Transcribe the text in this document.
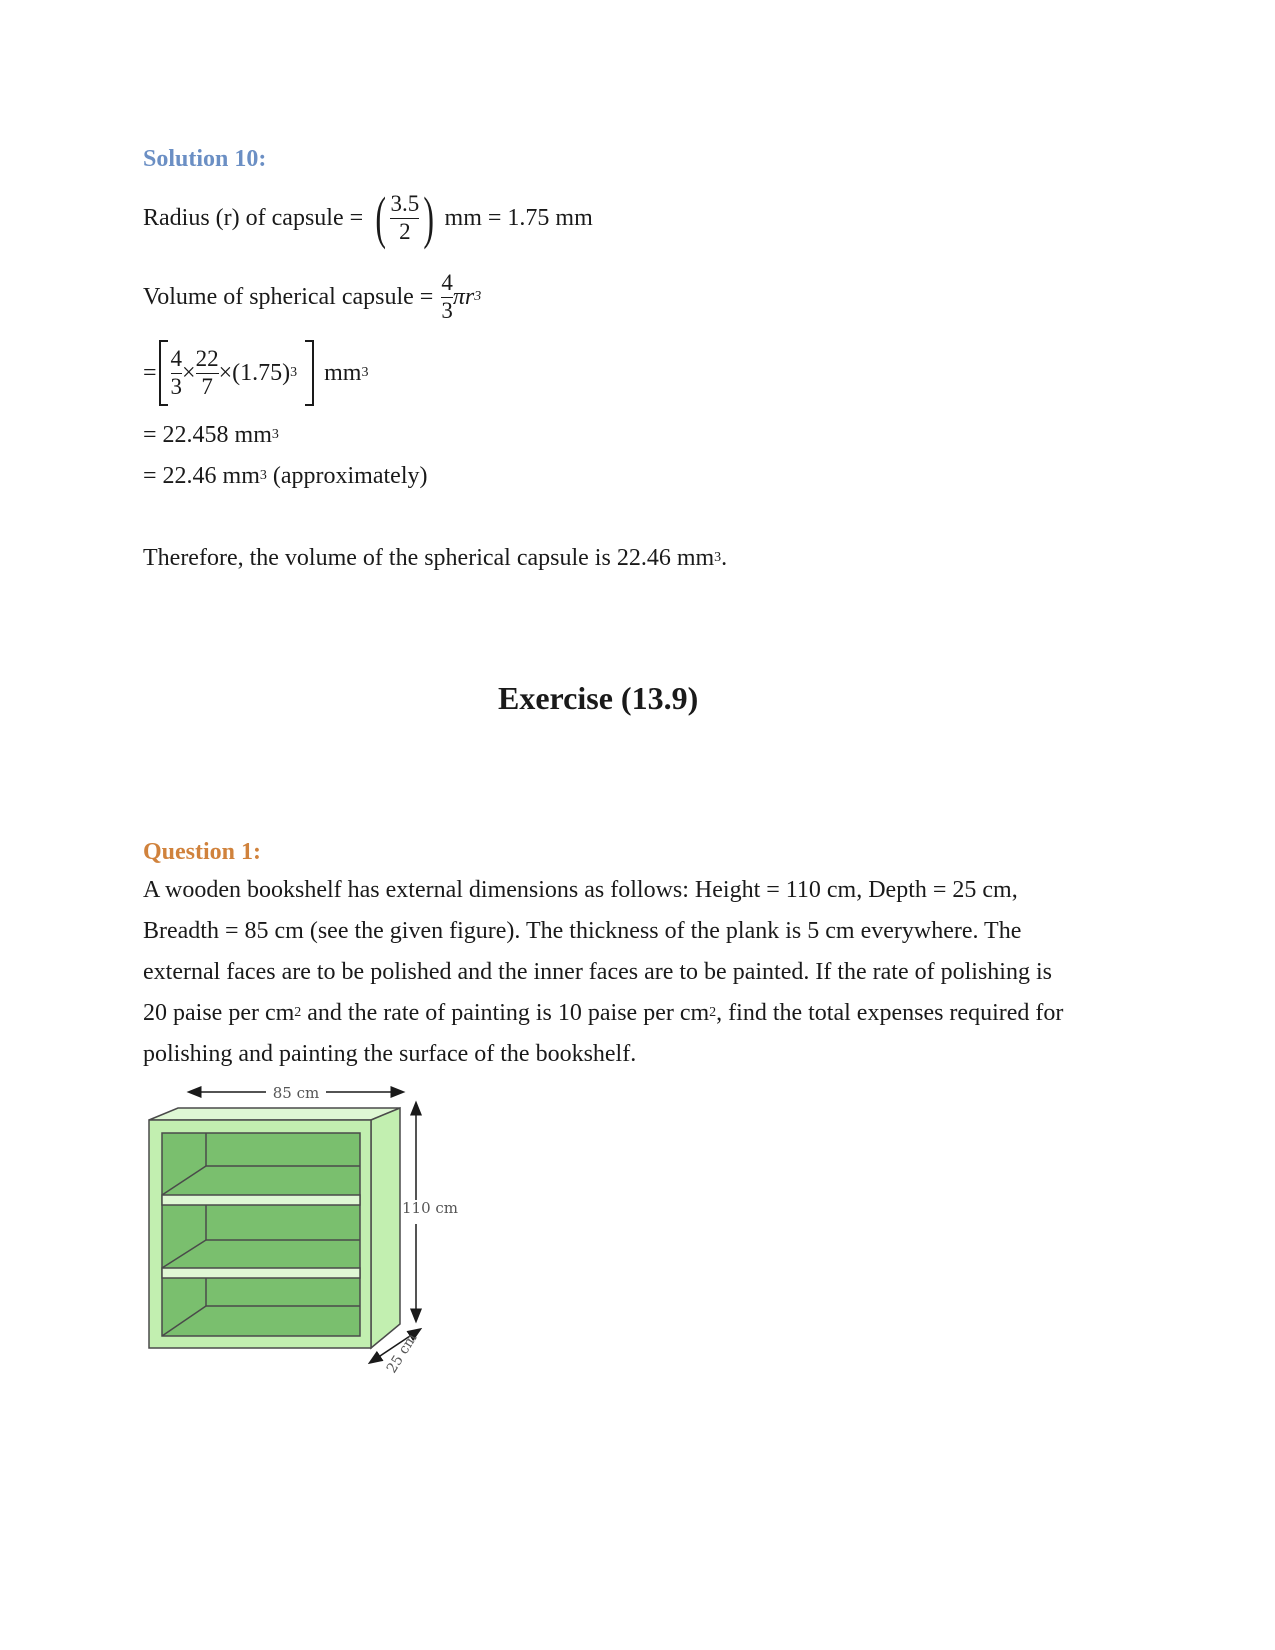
Solution 10:
Radius (r) of capsule = ( $\frac{3.5}{2}$ ) mm = 1.75 mm
Volume of spherical capsule = $\frac{4}{3} \pi r^3$
= $\frac{4}{3} \times \frac{22}{7} \times(1.75)^3$ $mm^3$
= 22.458 $mm^3$
= 22.46 $mm^3$ (approximately)
Therefore, the volume of the spherical capsule is 22.46 $mm^3$.
Exercise (13.9)
Question 1:

A wooden bookshelf has external dimensions as follows: Height = 110 cm, Depth = 25 cm,

Breadth = 85 cm (see the given figure). The thickness of the plank is 5 cm everywhere. The

external faces are to be polished and the inner faces are to be painted. If the rate of polishing is

20 paise per $cm^2$ and the rate of painting is 10 paise per $cm^2$, find the total expenses required for

polishing and painting the surface of the bookshelf.

85 cm
110 cm
25 cm
